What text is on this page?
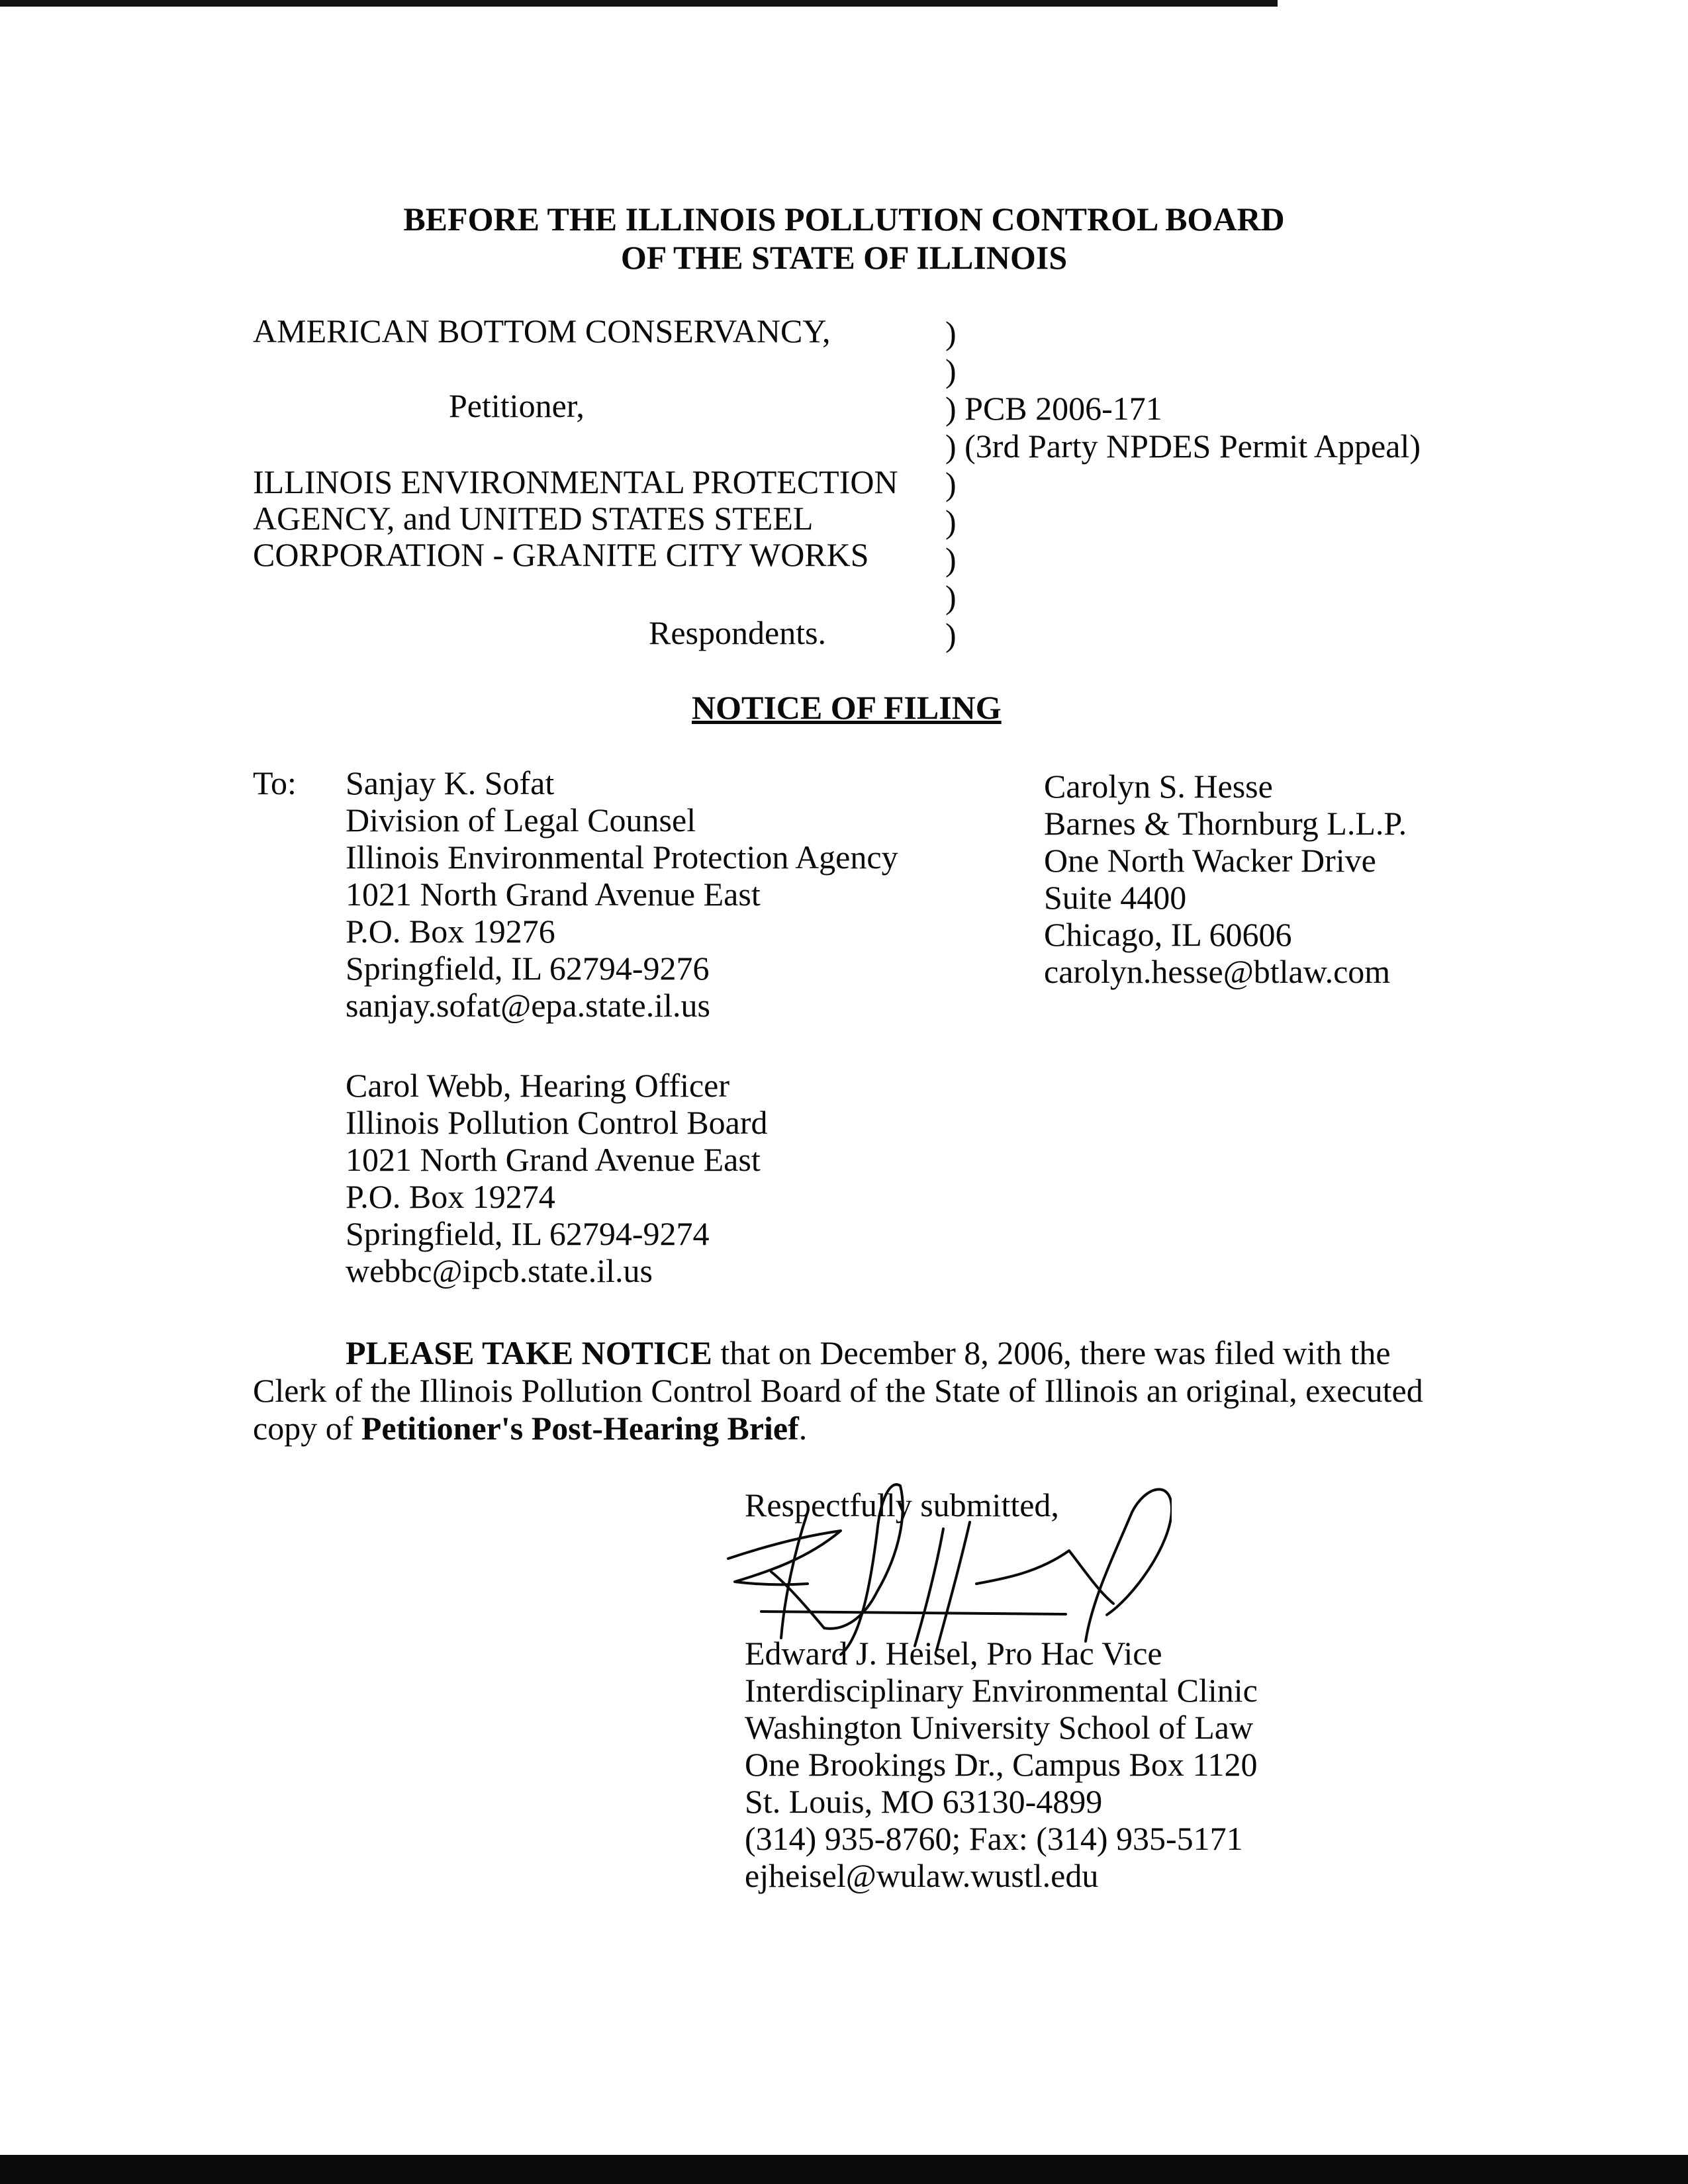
BEFORE THE ILLINOIS POLLUTION CONTROL BOARD
OF THE STATE OF ILLINOIS
AMERICAN BOTTOM CONSERVANCY,
Petitioner,
ILLINOIS ENVIRONMENTAL PROTECTION
AGENCY, and UNITED STATES STEEL
CORPORATION - GRANITE CITY WORKS
Respondents.
)
)
) PCB 2006-171
) (3rd Party NPDES Permit Appeal)
)
)
)
)
)
NOTICE OF FILING
To: Sanjay K. Sofat
Division of Legal Counsel
Illinois Environmental Protection Agency
1021 North Grand Avenue East
P.O. Box 19276
Springfield, IL 62794-9276
sanjay.sofat@epa.state.il.us
Carolyn S. Hesse
Barnes & Thornburg L.L.P.
One North Wacker Drive
Suite 4400
Chicago, IL 60606
carolyn.hesse@btlaw.com
Carol Webb, Hearing Officer
Illinois Pollution Control Board
1021 North Grand Avenue East
P.O. Box 19274
Springfield, IL 62794-9274
webbc@ipcb.state.il.us
PLEASE TAKE NOTICE that on December 8, 2006, there was filed with the
Clerk of the Illinois Pollution Control Board of the State of Illinois an original, executed
copy of Petitioner's Post-Hearing Brief.
Respectfully submitted,
Edward J. Heisel, Pro Hac Vice
Interdisciplinary Environmental Clinic
Washington University School of Law
One Brookings Dr., Campus Box 1120
St. Louis, MO 63130-4899
(314) 935-8760; Fax: (314) 935-5171
ejheisel@wulaw.wustl.edu
